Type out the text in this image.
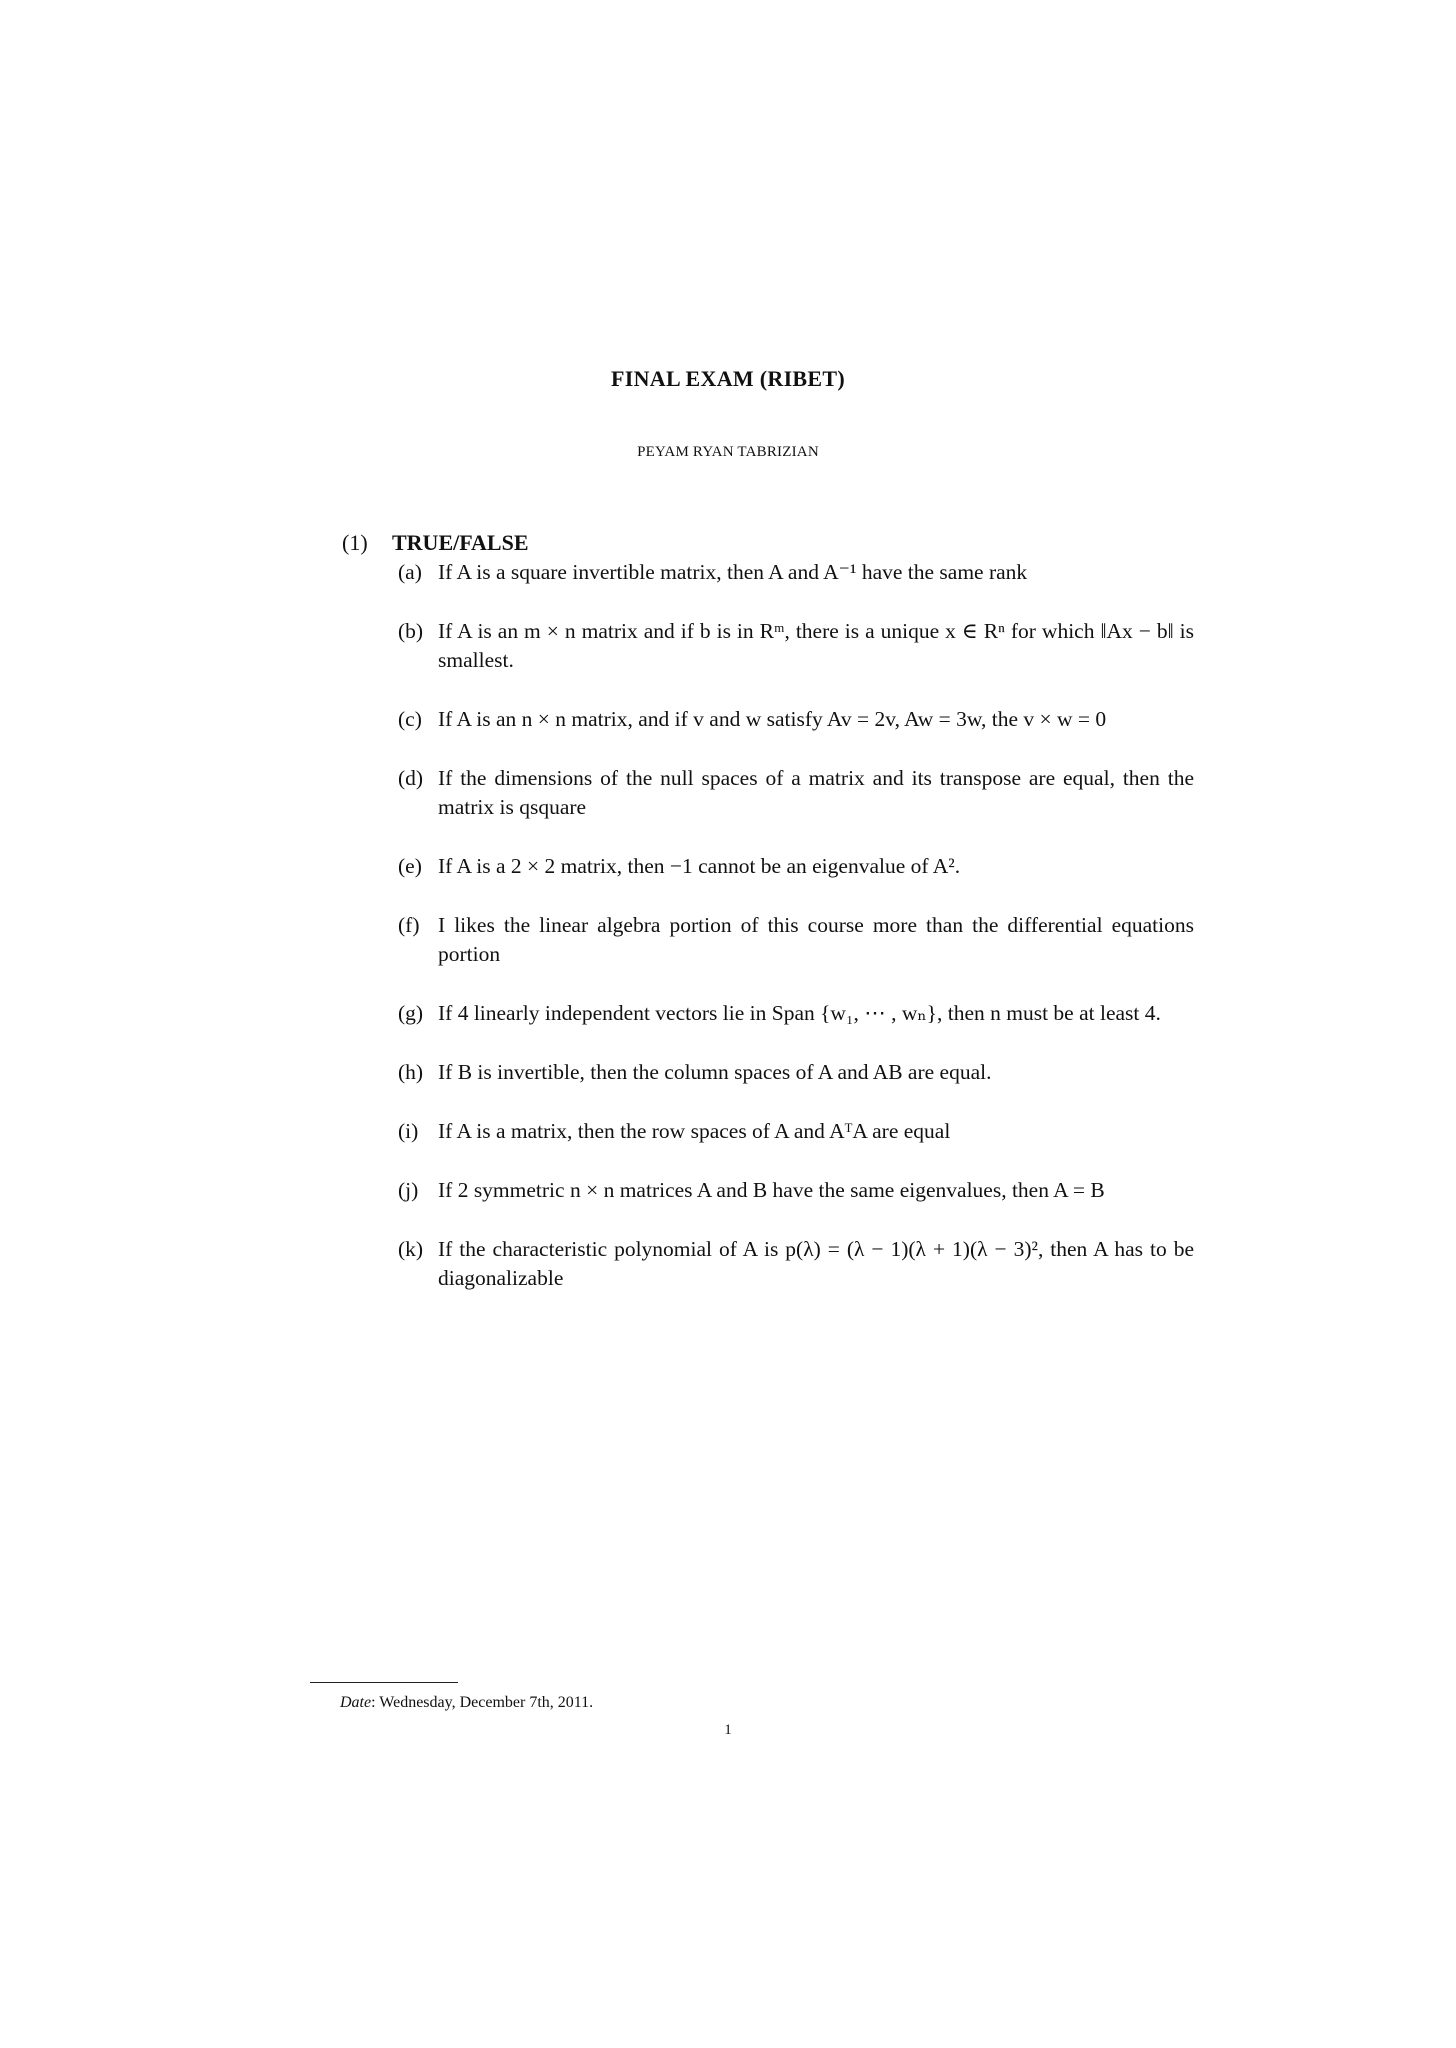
FINAL EXAM (RIBET)
PEYAM RYAN TABRIZIAN
(1) TRUE/FALSE
(a) If A is a square invertible matrix, then A and A⁻¹ have the same rank
(b) If A is an m × n matrix and if b is in Rᵐ, there is a unique x ∈ Rⁿ for which ‖Ax − b‖ is smallest.
(c) If A is an n × n matrix, and if v and w satisfy Av = 2v, Aw = 3w, the v × w = 0
(d) If the dimensions of the null spaces of a matrix and its transpose are equal, then the matrix is qsquare
(e) If A is a 2 × 2 matrix, then −1 cannot be an eigenvalue of A².
(f) I likes the linear algebra portion of this course more than the differential equations portion
(g) If 4 linearly independent vectors lie in Span {w₁, ⋯ , wₙ}, then n must be at least 4.
(h) If B is invertible, then the column spaces of A and AB are equal.
(i) If A is a matrix, then the row spaces of A and AᵀA are equal
(j) If 2 symmetric n × n matrices A and B have the same eigenvalues, then A = B
(k) If the characteristic polynomial of A is p(λ) = (λ − 1)(λ + 1)(λ − 3)², then A has to be diagonalizable
Date: Wednesday, December 7th, 2011.
1
